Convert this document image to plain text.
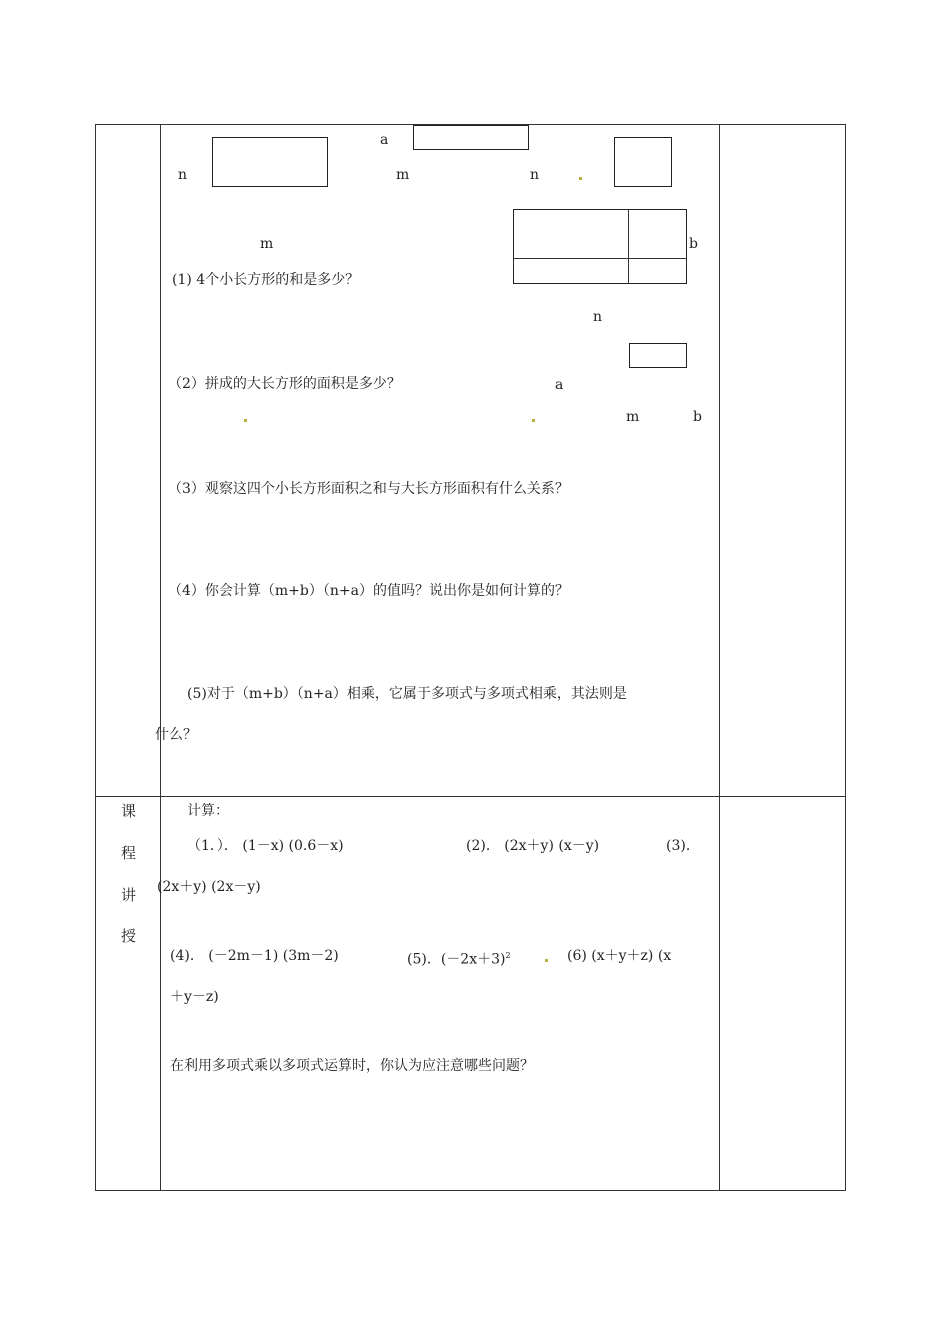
a
n	m	n
m	b
n
a
m	b
(1) 4个小长方形的和是多少？
（2）拼成的大长方形的面积是多少？
（3）观察这四个小长方形面积之和与大长方形面积有什么关系？
（4）你会计算（m+b）（n+a）的值吗？说出你是如何计算的？
(5)对于（m+b）（n+a）相乘，它属于多项式与多项式相乘，其法则是
什么？
课
程
讲
授
计算：
（1．）． (1－x) (0.6－x)	(2)． (2x＋y) (x－y)	(3)．
(2x＋y) (2x－y)
(4)． (－2m－1) (3m－2)	(5)．$(-2x+3)^2$	(6) (x＋y＋z) (x
＋y－z)
在利用多项式乘以多项式运算时，你认为应注意哪些问题？
